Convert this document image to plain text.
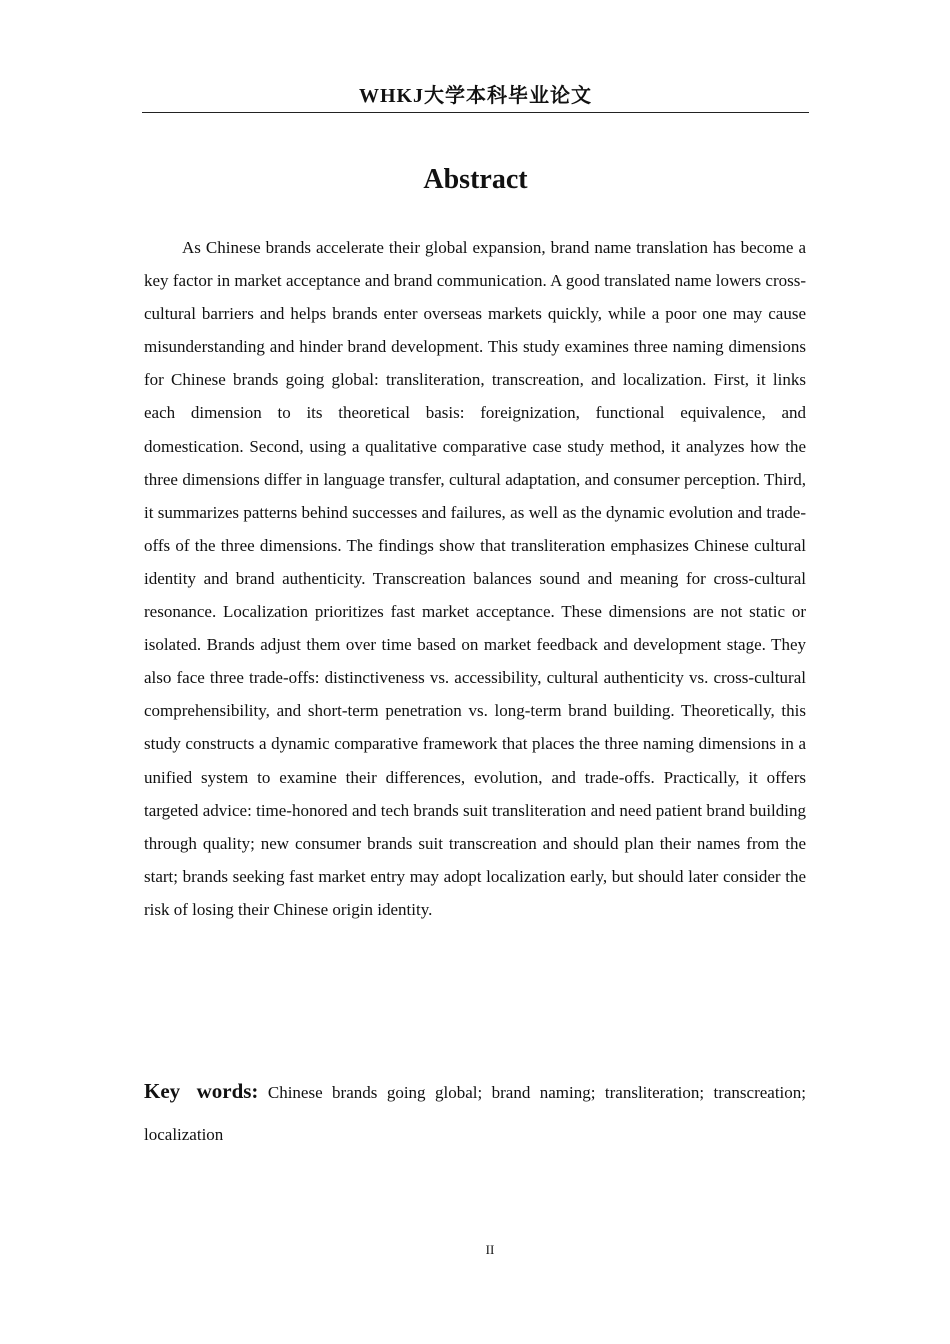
WHKJ大学本科毕业论文
Abstract

As Chinese brands accelerate their global expansion, brand name translation has become a key factor in market acceptance and brand communication. A good translated name lowers cross-cultural barriers and helps brands enter overseas markets quickly, while a poor one may cause misunderstanding and hinder brand development. This study examines three naming dimensions for Chinese brands going global: transliteration, transcreation, and localization. First, it links each dimension to its theoretical basis: foreignization, functional equivalence, and domestication. Second, using a qualitative comparative case study method, it analyzes how the three dimensions differ in language transfer, cultural adaptation, and consumer perception. Third, it summarizes patterns behind successes and failures, as well as the dynamic evolution and trade-offs of the three dimensions. The findings show that transliteration emphasizes Chinese cultural identity and brand authenticity. Transcreation balances sound and meaning for cross-cultural resonance. Localization prioritizes fast market acceptance. These dimensions are not static or isolated. Brands adjust them over time based on market feedback and development stage. They also face three trade-offs: distinctiveness vs. accessibility, cultural authenticity vs. cross-cultural comprehensibility, and short-term penetration vs. long-term brand building. Theoretically, this study constructs a dynamic comparative framework that places the three naming dimensions in a unified system to examine their differences, evolution, and trade-offs. Practically, it offers targeted advice: time-honored and tech brands suit transliteration and need patient brand building through quality; new consumer brands suit transcreation and should plan their names from the start; brands seeking fast market entry may adopt localization early, but should later consider the risk of losing their Chinese origin identity.

Key words: Chinese brands going global; brand naming; transliteration; transcreation; localization

II
